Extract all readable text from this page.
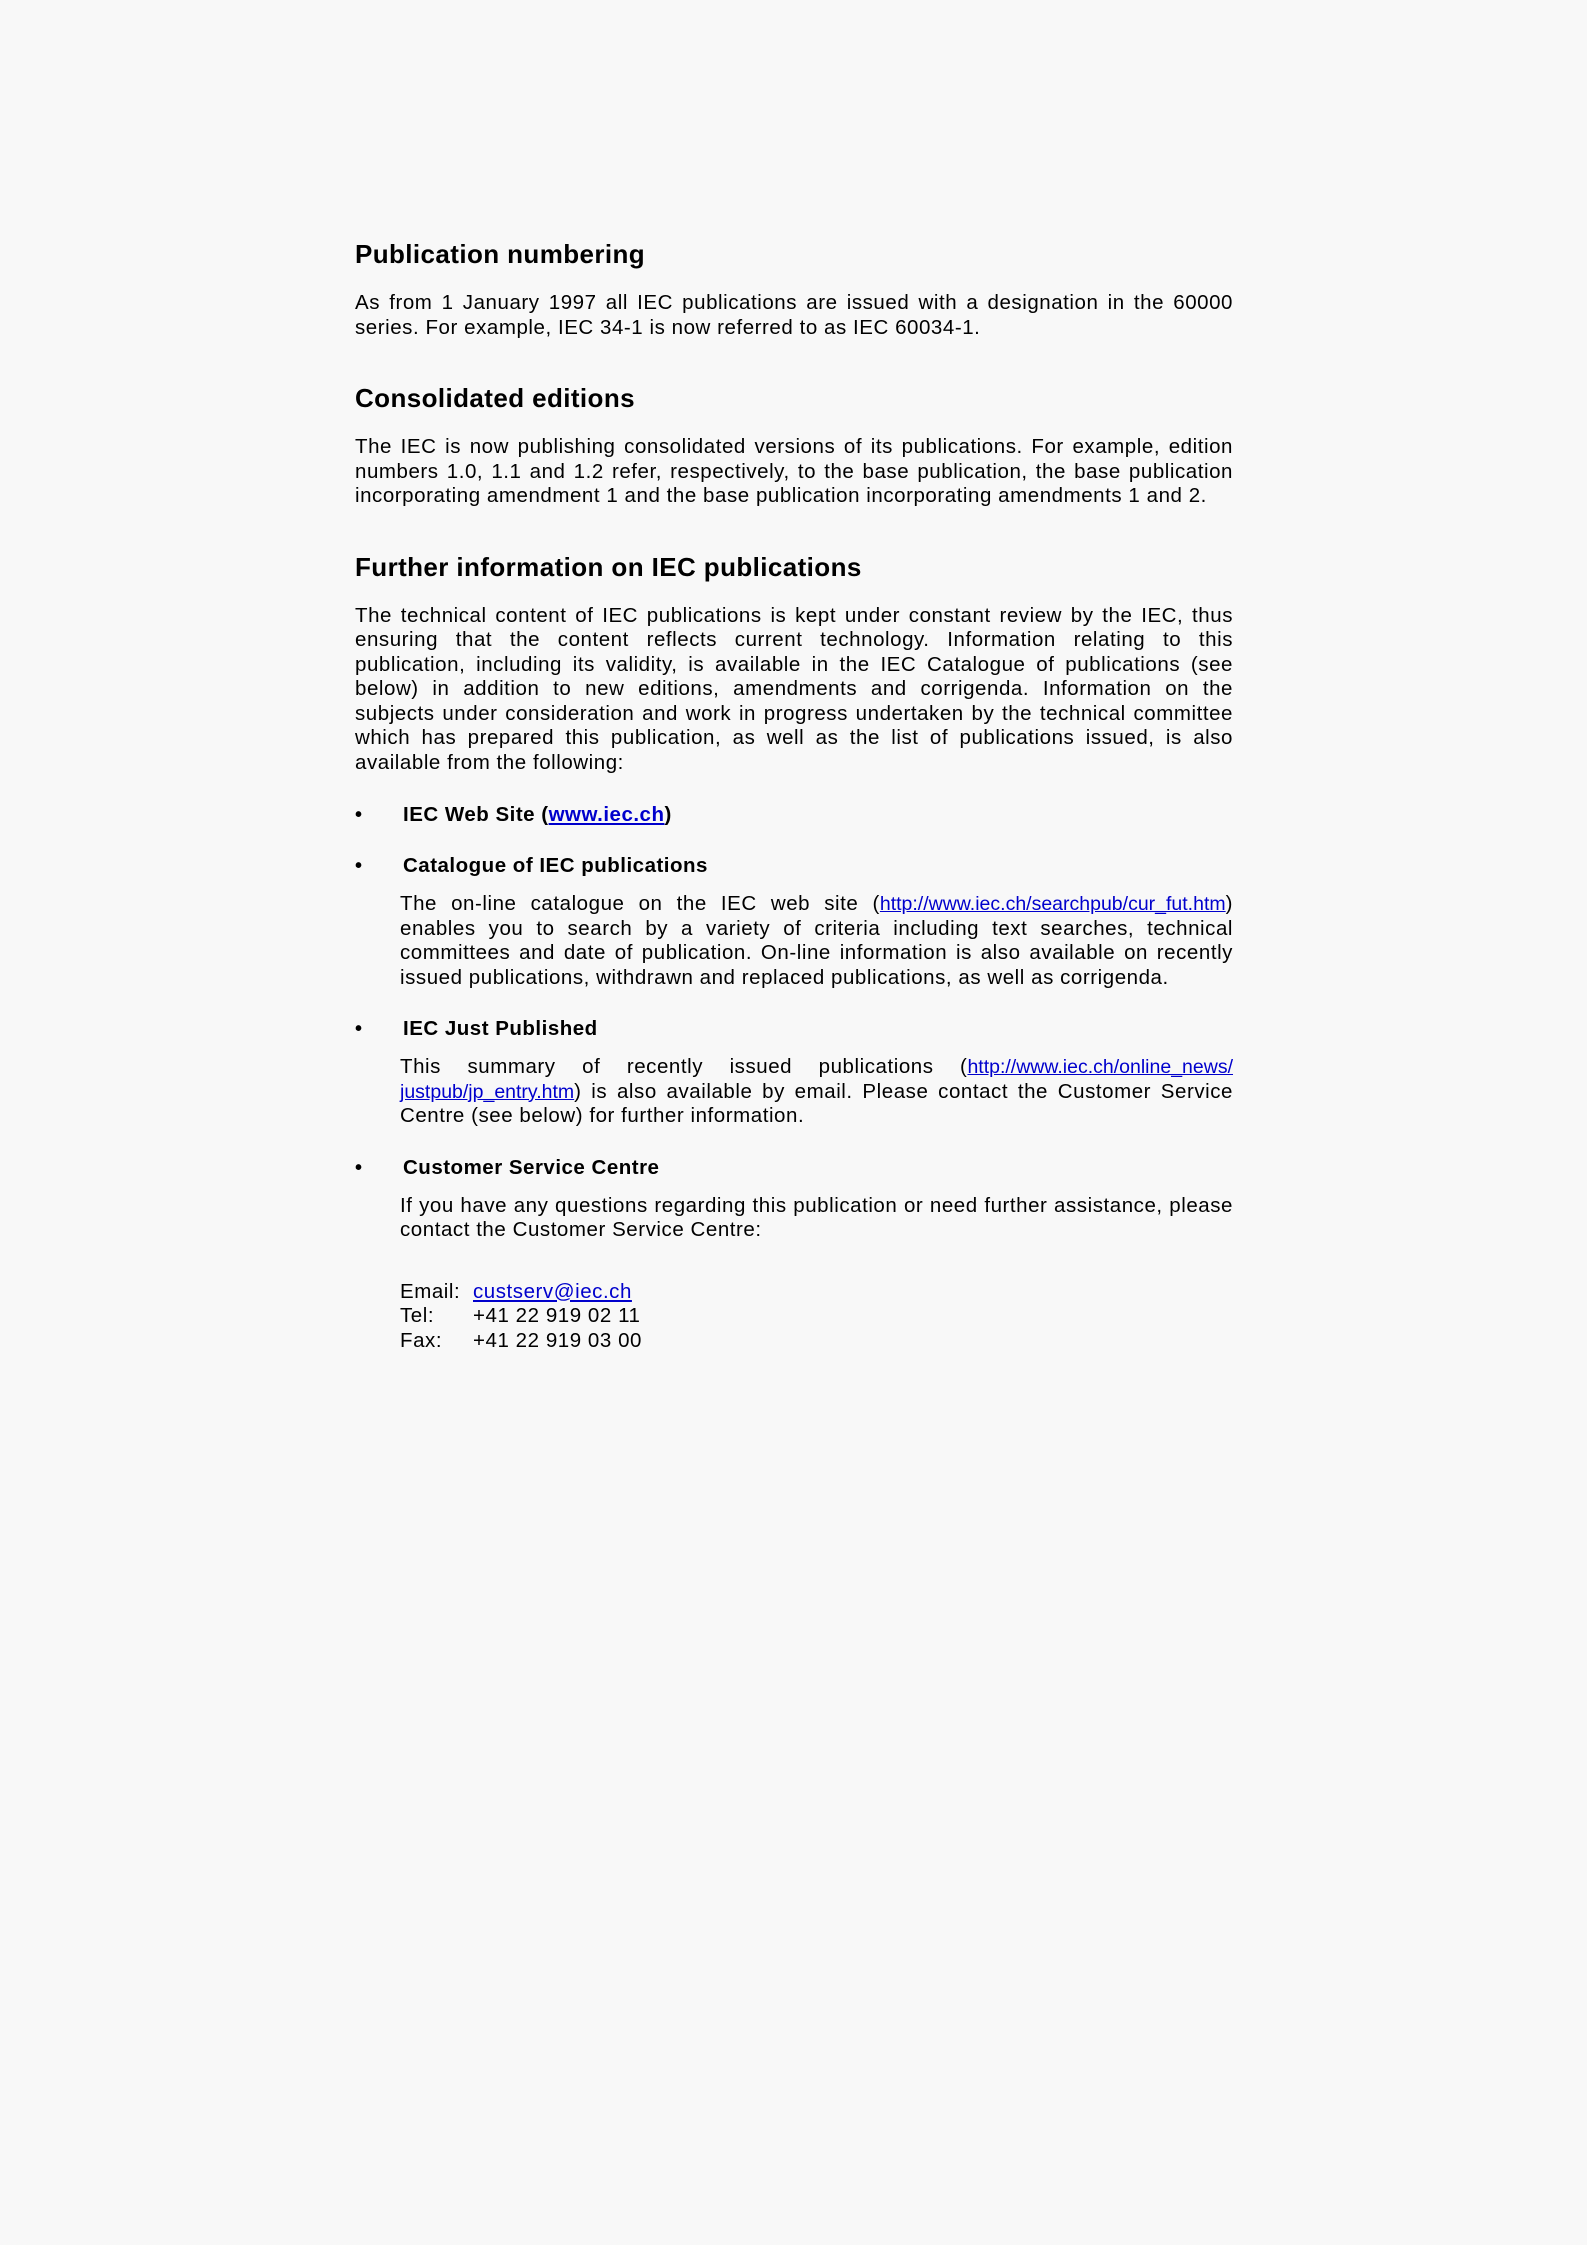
Publication numbering

As from 1 January 1997 all IEC publications are issued with a designation in the 60000 series. For example, IEC 34-1 is now referred to as IEC 60034-1.

Consolidated editions

The IEC is now publishing consolidated versions of its publications. For example, edition numbers 1.0, 1.1 and 1.2 refer, respectively, to the base publication, the base publication incorporating amendment 1 and the base publication incorporating amendments 1 and 2.

Further information on IEC publications

The technical content of IEC publications is kept under constant review by the IEC, thus ensuring that the content reflects current technology. Information relating to this publication, including its validity, is available in the IEC Catalogue of publications (see below) in addition to new editions, amendments and corrigenda. Information on the subjects under consideration and work in progress undertaken by the technical committee which has prepared this publication, as well as the list of publications issued, is also available from the following:

• IEC Web Site (www.iec.ch)
• Catalogue of IEC publications

The on-line catalogue on the IEC web site (http://www.iec.ch/searchpub/cur_fut.htm) enables you to search by a variety of criteria including text searches, technical committees and date of publication. On-line information is also available on recently issued publications, withdrawn and replaced publications, as well as corrigenda.

• IEC Just Published

This summary of recently issued publications (http://www.iec.ch/online_news/ justpub/jp_entry.htm) is also available by email. Please contact the Customer Service Centre (see below) for further information.

• Customer Service Centre

If you have any questions regarding this publication or need further assistance, please contact the Customer Service Centre:

Email: custserv@iec.ch
Tel:	+41 22 919 02 11
Fax:	+41 22 919 03 00
